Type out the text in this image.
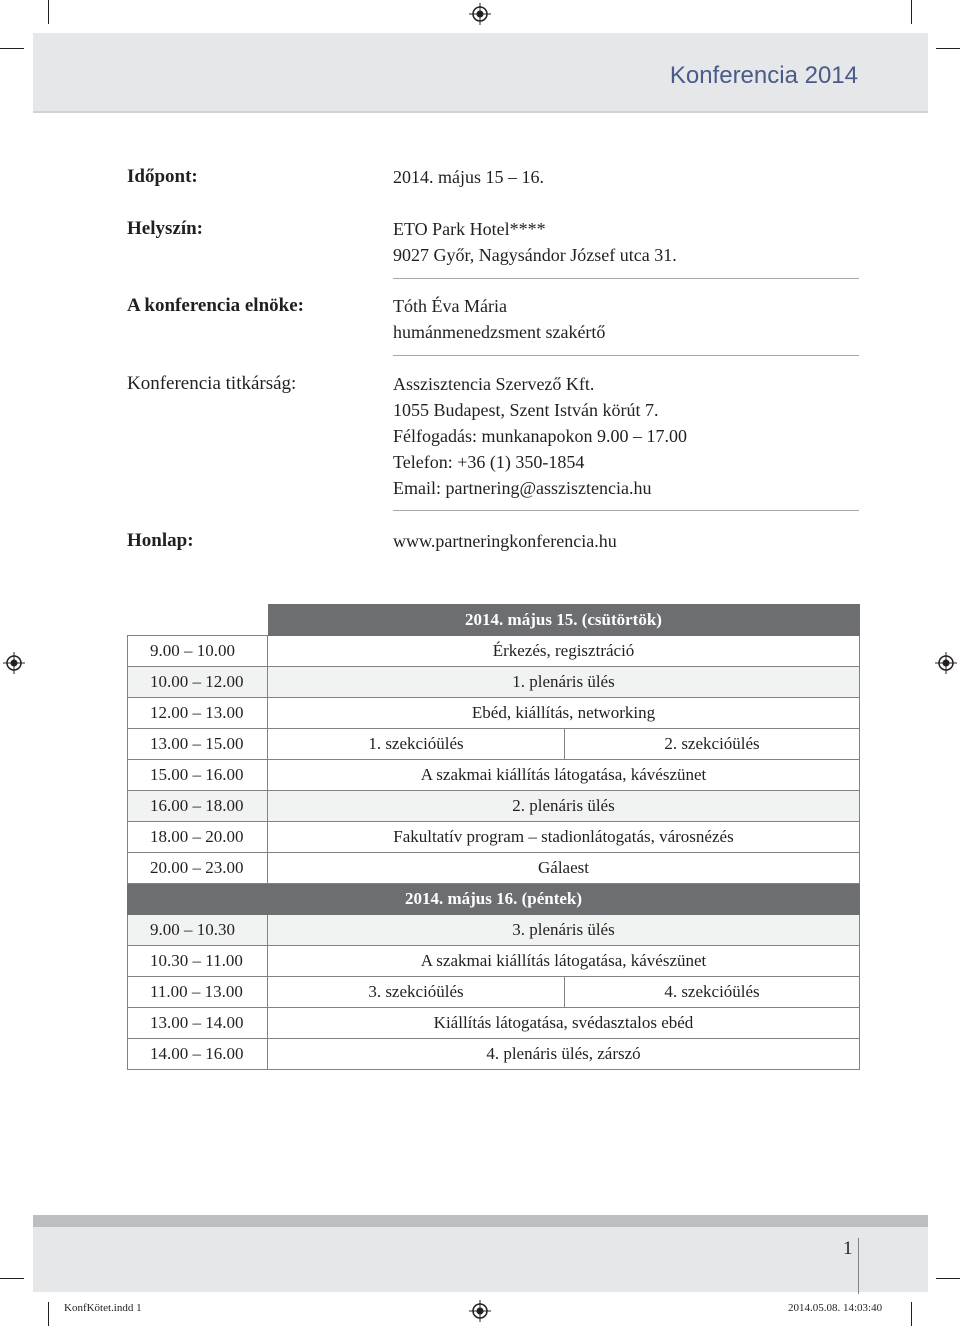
Konferencia 2014
Időpont:	2014. május 15 – 16.
Helyszín:	ETO Park Hotel****
9027 Győr, Nagysándor József utca 31.
A konferencia elnöke:	Tóth Éva Mária
humánmenedzsment szakértő
Konferencia titkárság:	Asszisztencia Szervező Kft.
1055 Budapest, Szent István körút 7.
Félfogadás: munkanapokon 9.00 – 17.00
Telefon: +36 (1) 350-1854
Email: partnering@asszisztencia.hu
Honlap:	www.partneringkonferencia.hu
	2014. május 15. (csütörtök)	
9.00 – 10.00	Érkezés, regisztráció	
10.00 – 12.00	1. plenáris ülés	
12.00 – 13.00	Ebéd, kiállítás, networking	
13.00 – 15.00	1. szekcióülés	2. szekcióülés
15.00 – 16.00	A szakmai kiállítás látogatása, kávészünet	
16.00 – 18.00	2. plenáris ülés	
18.00 – 20.00	Fakultatív program – stadionlátogatás, városnézés	
20.00 – 23.00	Gálaest	
2014. május 16. (péntek)		
9.00 – 10.30	3. plenáris ülés	
10.30 – 11.00	A szakmai kiállítás látogatása, kávészünet	
11.00 – 13.00	3. szekcióülés	4. szekcióülés
13.00 – 14.00	Kiállítás látogatása, svédasztalos ebéd	
14.00 – 16.00	4. plenáris ülés, zárszó	
1
KonfKötet.indd 1	2014.05.08. 14:03:40
